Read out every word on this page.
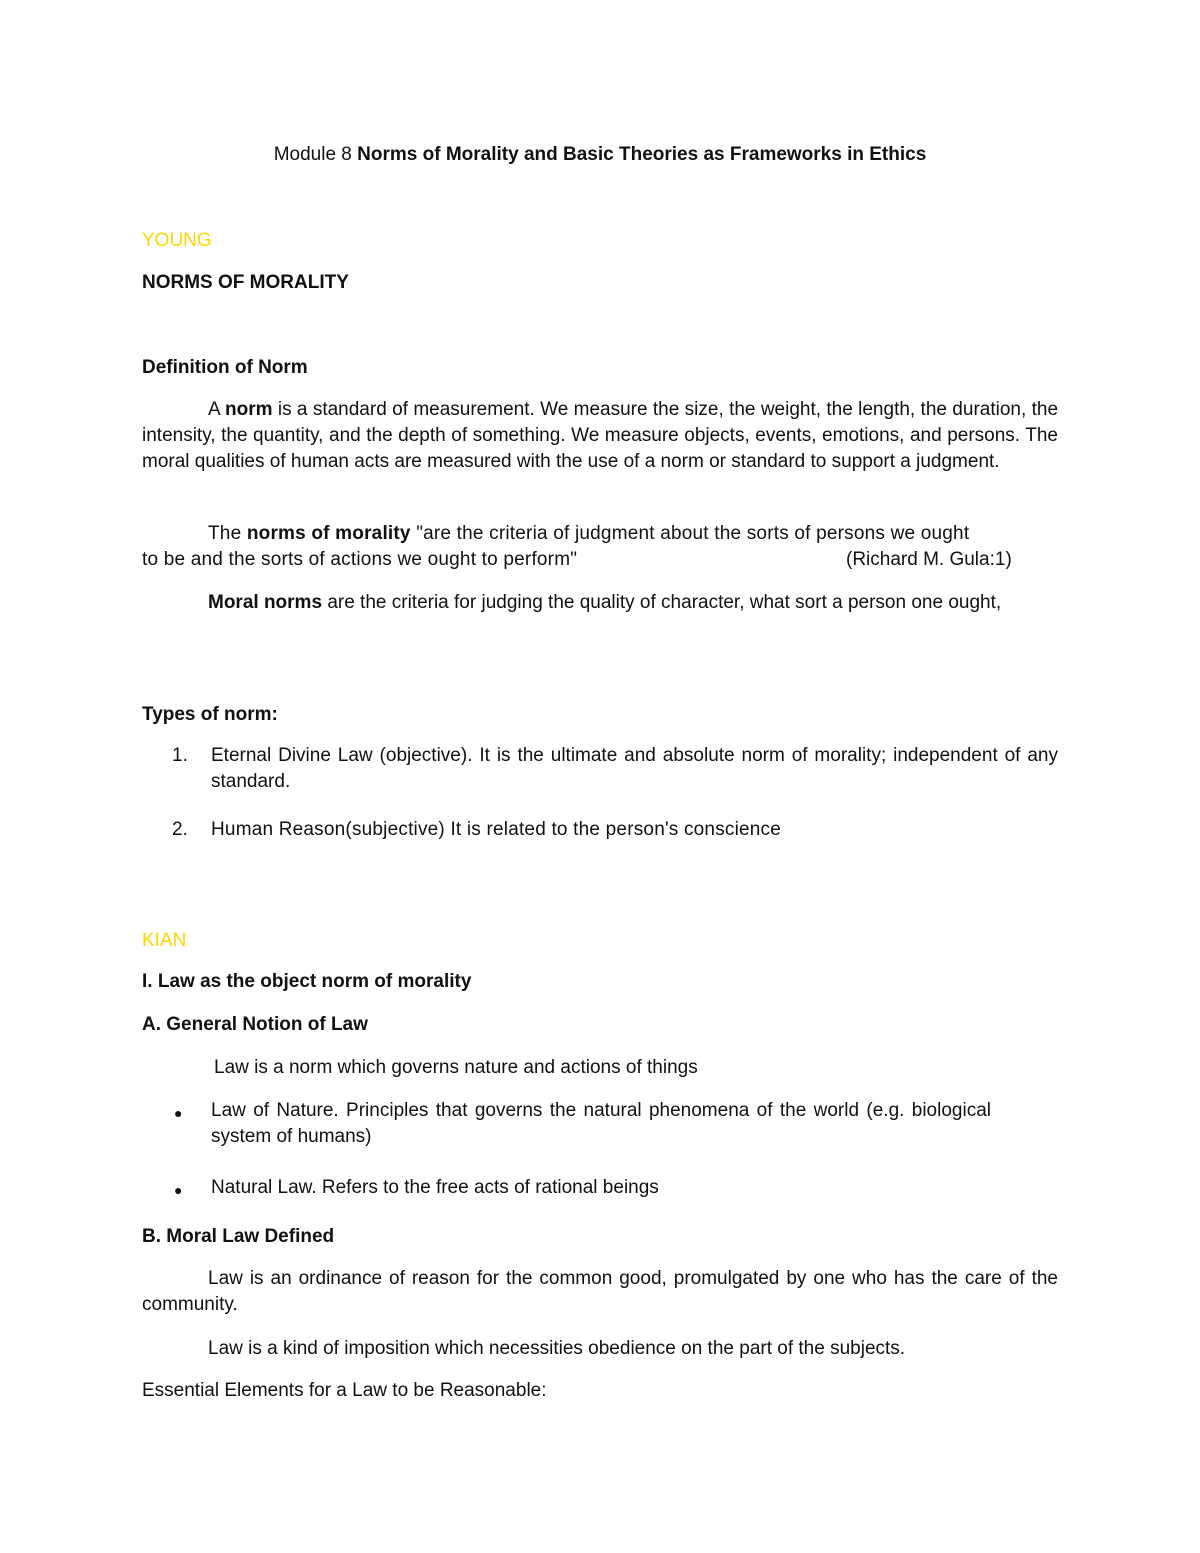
Module 8 Norms of Morality and Basic Theories as Frameworks in Ethics
YOUNG
NORMS OF MORALITY
Definition of Norm
A norm is a standard of measurement. We measure the size, the weight, the length, the duration, the intensity, the quantity, and the depth of something. We measure objects, events, emotions, and persons. The moral qualities of human acts are measured with the use of a norm or standard to support a judgment.
The norms of morality "are the criteria of judgment about the sorts of persons we ought
to be and the sorts of actions we ought to perform"	(Richard M. Gula:1)
Moral norms are the criteria for judging the quality of character, what sort a person one ought,
Types of norm:
1. Eternal Divine Law (objective). It is the ultimate and absolute norm of morality; independent of any standard.
2. Human Reason(subjective) It is related to the person's conscience
KIAN
I. Law as the object norm of morality
A. General Notion of Law
Law is a norm which governs nature and actions of things
● Law of Nature. Principles that governs the natural phenomena of the world (e.g. biological system of humans)
● Natural Law. Refers to the free acts of rational beings
B. Moral Law Defined
Law is an ordinance of reason for the common good, promulgated by one who has the care of the community.
Law is a kind of imposition which necessities obedience on the part of the subjects.
Essential Elements for a Law to be Reasonable:
